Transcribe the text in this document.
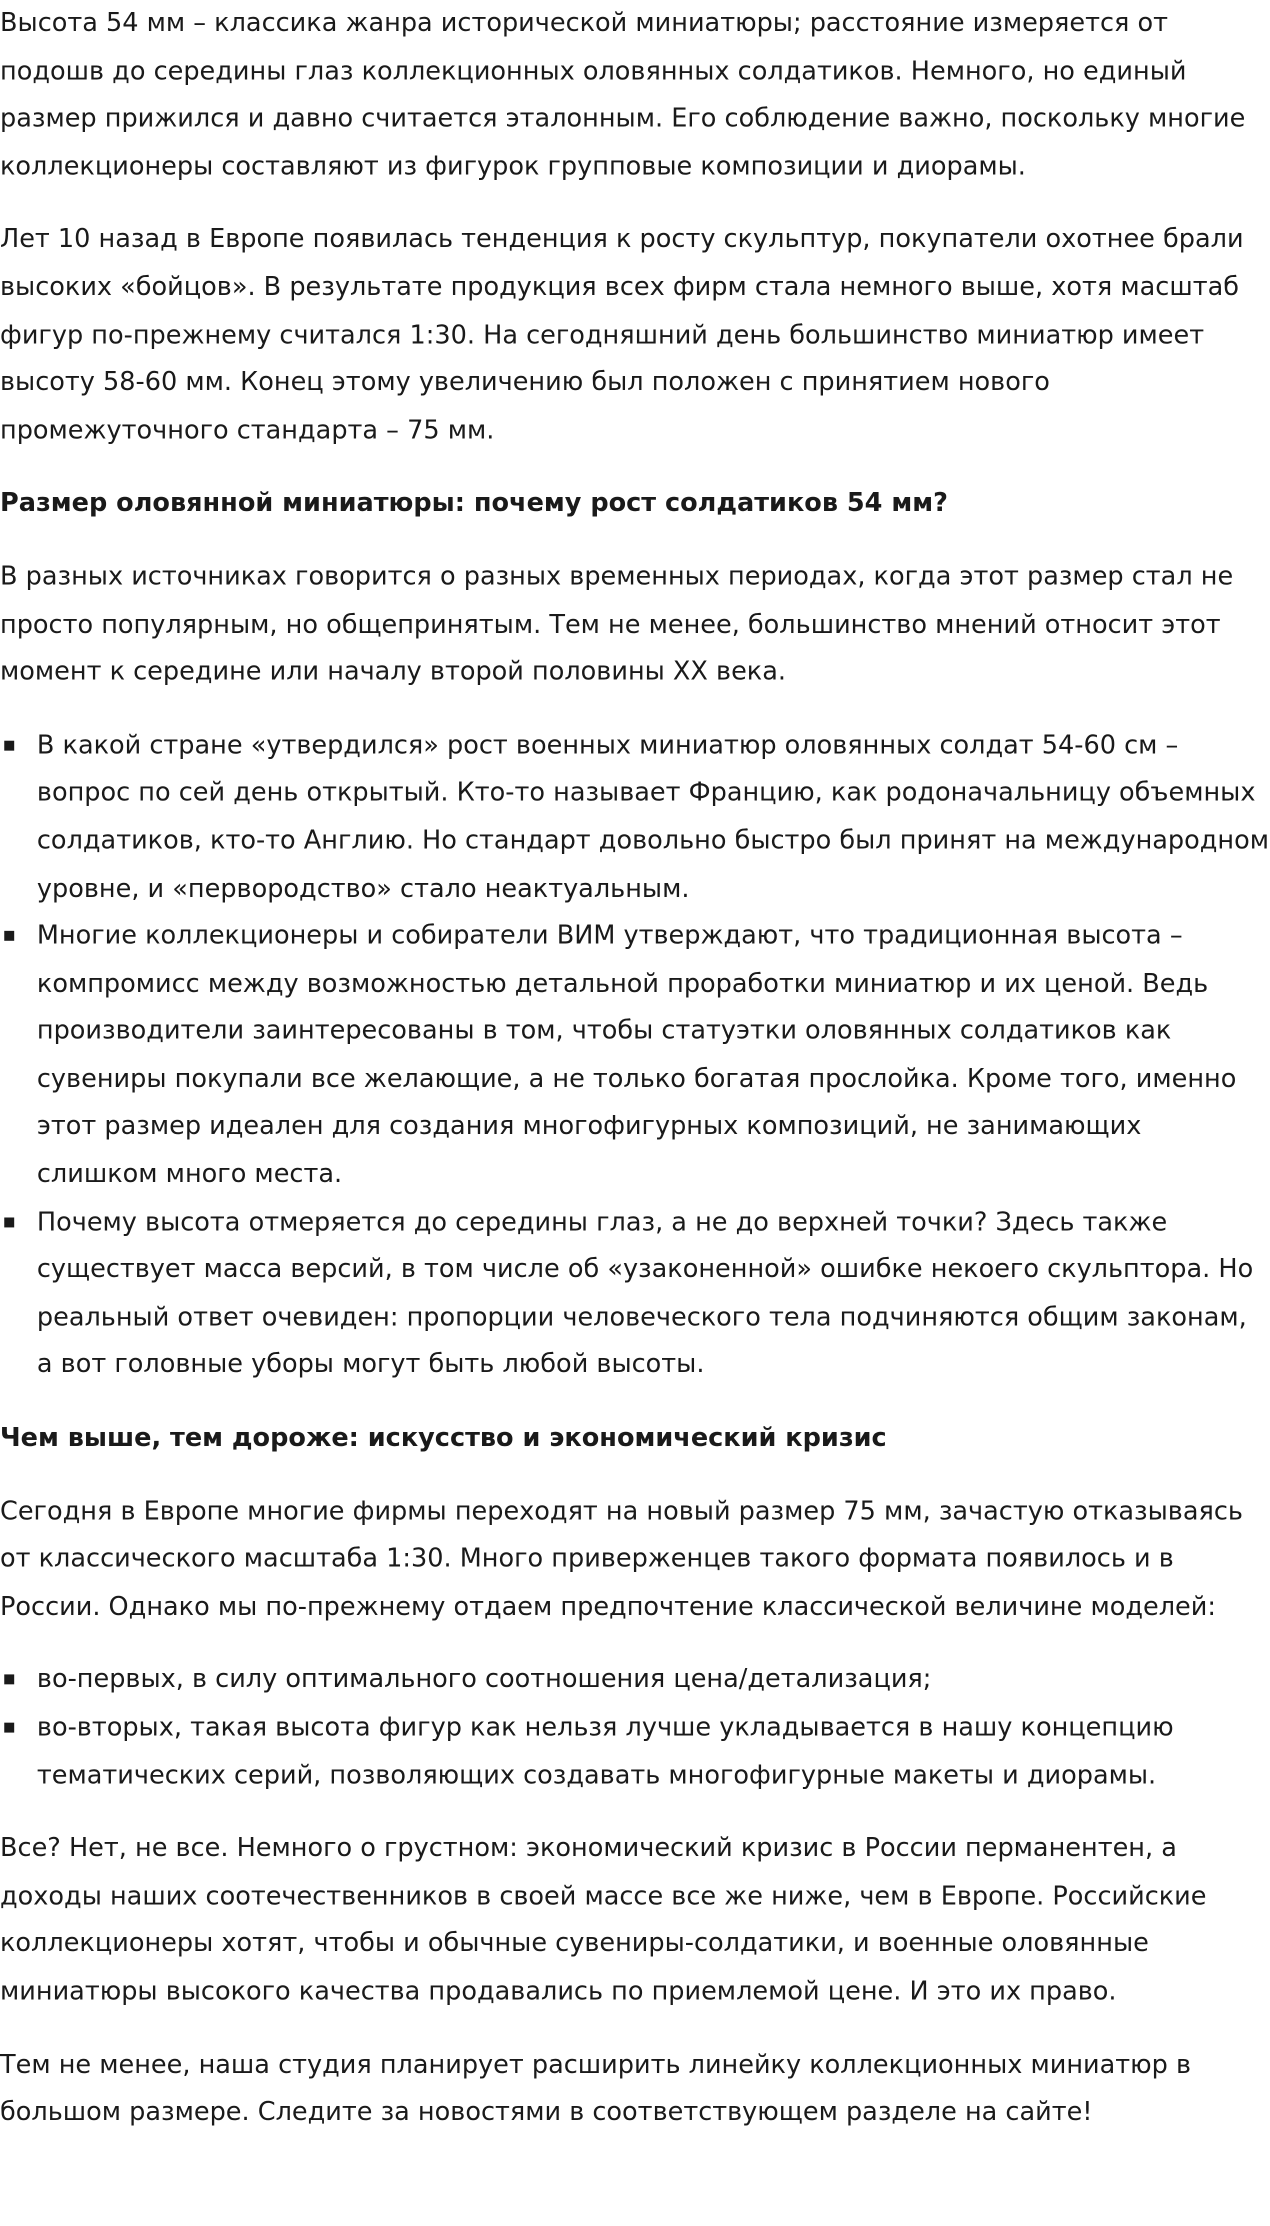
Высота 54 мм – классика жанра исторической миниатюры; расстояние измеряется от подошв до середины глаз коллекционных оловянных солдатиков. Немного, но единый размер прижился и давно считается эталонным. Его соблюдение важно, поскольку многие коллекционеры составляют из фигурок групповые композиции и диорамы.

Лет 10 назад в Европе появилась тенденция к росту скульптур, покупатели охотнее брали высоких «бойцов». В результате продукция всех фирм стала немного выше, хотя масштаб фигур по-прежнему считался 1:30. На сегодняшний день большинство миниатюр имеет высоту 58-60 мм. Конец этому увеличению был положен с принятием нового промежуточного стандарта – 75 мм.

Размер оловянной миниатюры: почему рост солдатиков 54 мм?

В разных источниках говорится о разных временных периодах, когда этот размер стал не просто популярным, но общепринятым. Тем не менее, большинство мнений относит этот момент к середине или началу второй половины XX века.

В какой стране «утвердился» рост военных миниатюр оловянных солдат 54-60 см – вопрос по сей день открытый. Кто-то называет Францию, как родоначальницу объемных солдатиков, кто-то Англию. Но стандарт довольно быстро был принят на международном уровне, и «первородство» стало неактуальным.
Многие коллекционеры и собиратели ВИМ утверждают, что традиционная высота – компромисс между возможностью детальной проработки миниатюр и их ценой. Ведь производители заинтересованы в том, чтобы статуэтки оловянных солдатиков как сувениры покупали все желающие, а не только богатая прослойка. Кроме того, именно этот размер идеален для создания многофигурных композиций, не занимающих слишком много места.
Почему высота отмеряется до середины глаз, а не до верхней точки? Здесь также существует масса версий, в том числе об «узаконенной» ошибке некоего скульптора. Но реальный ответ очевиден: пропорции человеческого тела подчиняются общим законам, а вот головные уборы могут быть любой высоты.
Чем выше, тем дороже: искусство и экономический кризис

Сегодня в Европе многие фирмы переходят на новый размер 75 мм, зачастую отказываясь от классического масштаба 1:30. Много приверженцев такого формата появилось и в России. Однако мы по-прежнему отдаем предпочтение классической величине моделей:

во-первых, в силу оптимального соотношения цена/детализация;
во-вторых, такая высота фигур как нельзя лучше укладывается в нашу концепцию тематических серий, позволяющих создавать многофигурные макеты и диорамы.

Все? Нет, не все. Немного о грустном: экономический кризис в России перманентен, а доходы наших соотечественников в своей массе все же ниже, чем в Европе. Российские коллекционеры хотят, чтобы и обычные сувениры-солдатики, и военные оловянные миниатюры высокого качества продавались по приемлемой цене. И это их право.

Тем не менее, наша студия планирует расширить линейку коллекционных миниатюр в большом размере. Следите за новостями в соответствующем разделе на сайте!
